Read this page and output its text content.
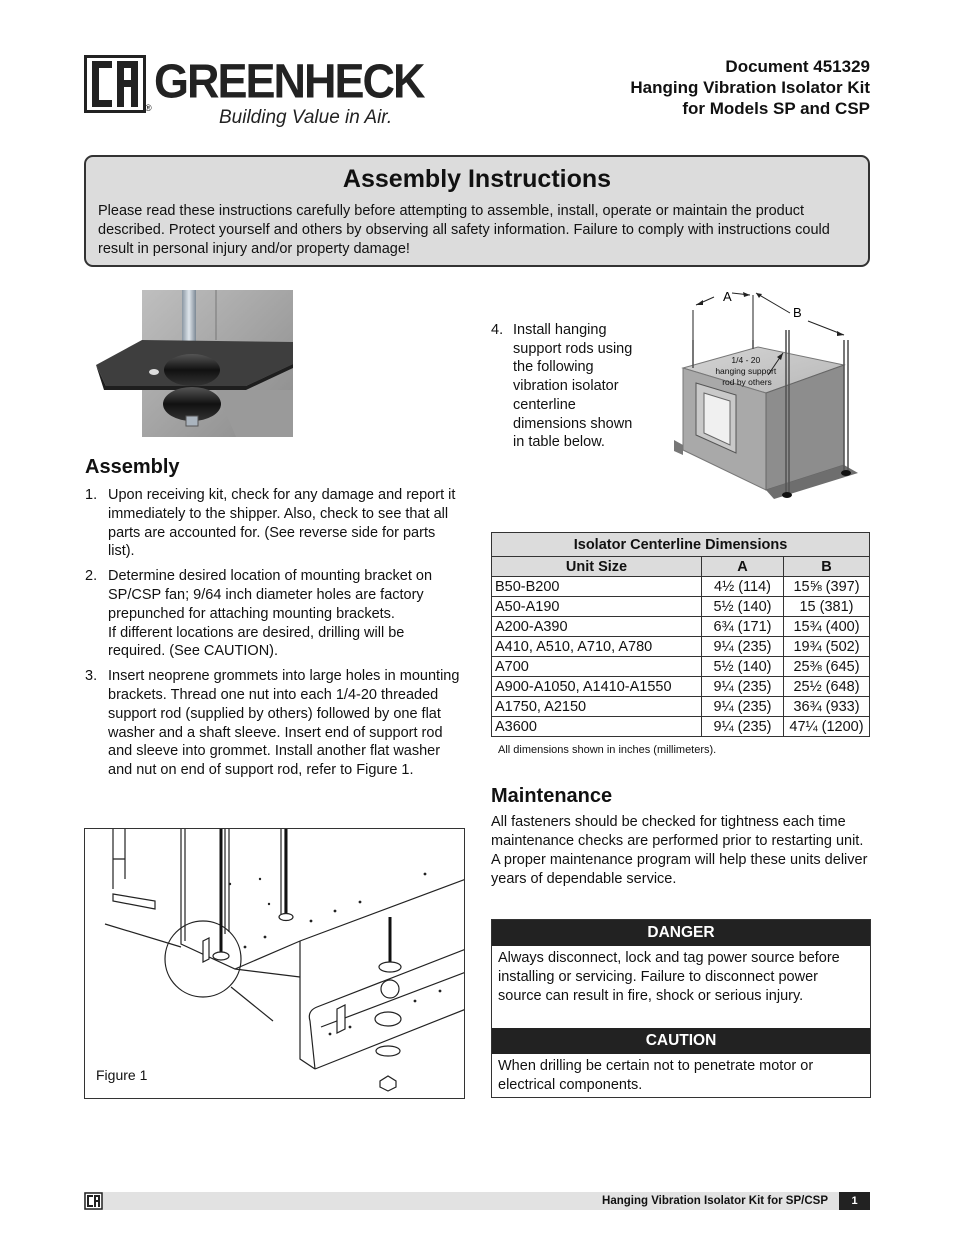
GREENHECK
®	Building Value in Air.
Document 451329
Hanging Vibration Isolator Kit
for Models SP and CSP
Assembly Instructions

Please read these instructions carefully before attempting to assemble, install, operate or maintain the product described. Protect yourself and others by observing all safety information. Failure to comply with instructions could result in personal injury and/or property damage!

Assembly
1. Upon receiving kit, check for any damage and report it immediately to the shipper. Also, check to see that all parts are accounted for. (See reverse side for parts list).
2. Determine desired location of mounting bracket on SP/CSP fan; 9/64 inch diameter holes are factory prepunched for attaching mounting brackets.
If different locations are desired, drilling will be required. (See CAUTION).
3. Insert neoprene grommets into large holes in mounting brackets. Thread one nut into each 1/4-20 threaded support rod (supplied by others) followed by one flat washer and a shaft sleeve. Insert end of support rod and sleeve into grommet. Install another flat washer and nut on end of support rod, refer to Figure 1.
Figure 1
4. Install hanging support rods using the following vibration isolator centerline dimensions shown in table below.
A
B
1/4 - 20 hanging support rod by others
Isolator Centerline Dimensions		
Unit Size	A	B
B50-B200	4½ (114)	15⅝ (397)
A50-A190	5½ (140)	15 (381)
A200-A390	6¾ (171)	15¾ (400)
A410, A510, A710, A780	9¼ (235)	19¾ (502)
A700	5½ (140)	25⅜ (645)
A900-A1050, A1410-A1550	9¼ (235)	25½ (648)
A1750, A2150	9¼ (235)	36¾ (933)
A3600	9¼ (235)	47¼ (1200)
All dimensions shown in inches (millimeters).
Maintenance

All fasteners should be checked for tightness each time maintenance checks are performed prior to restarting unit. A proper maintenance program will help these units deliver years of dependable service.

DANGER
Always disconnect, lock and tag power source before installing or servicing. Failure to disconnect power source can result in fire, shock or serious injury.
CAUTION
When drilling be certain not to penetrate motor or electrical components.
Hanging Vibration Isolator Kit for SP/CSP	1
